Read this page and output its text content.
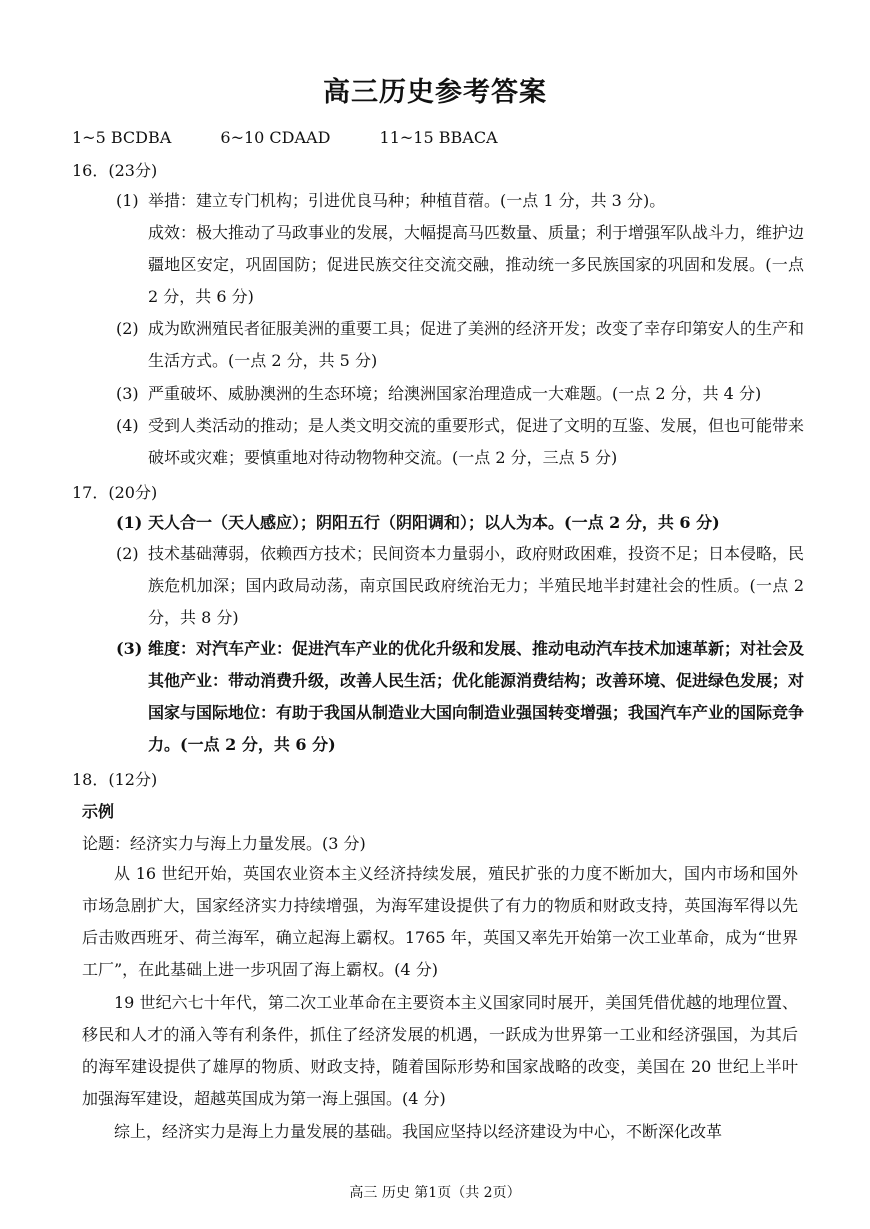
高三历史参考答案
1~5 BCDBA	6~10 CDAAD	11~15 BBACA
16．(23分)
(1) 举措：建立专门机构；引进优良马种；种植苜蓿。(一点 1 分，共 3 分)。
成效：极大推动了马政事业的发展，大幅提高马匹数量、质量；利于增强军队战斗力，维护边疆地区安定，巩固国防；促进民族交往交流交融，推动统一多民族国家的巩固和发展。(一点 2 分，共 6 分)
(2) 成为欧洲殖民者征服美洲的重要工具；促进了美洲的经济开发；改变了幸存印第安人的生产和生活方式。(一点 2 分，共 5 分)
(3) 严重破坏、威胁澳洲的生态环境；给澳洲国家治理造成一大难题。(一点 2 分，共 4 分)
(4) 受到人类活动的推动；是人类文明交流的重要形式，促进了文明的互鉴、发展，但也可能带来破坏或灾难；要慎重地对待动物物种交流。(一点 2 分，三点 5 分)
17．(20分)
(1) 天人合一（天人感应）；阴阳五行（阴阳调和）；以人为本。(一点 2 分，共 6 分)
(2) 技术基础薄弱，依赖西方技术；民间资本力量弱小，政府财政困难，投资不足；日本侵略，民族危机加深；国内政局动荡，南京国民政府统治无力；半殖民地半封建社会的性质。(一点 2 分，共 8 分)
(3) 维度：对汽车产业：促进汽车产业的优化升级和发展、推动电动汽车技术加速革新；对社会及其他产业：带动消费升级，改善人民生活；优化能源消费结构；改善环境、促进绿色发展；对国家与国际地位：有助于我国从制造业大国向制造业强国转变增强；我国汽车产业的国际竞争力。(一点 2 分，共 6 分)
18．(12分)
示例
论题：经济实力与海上力量发展。(3 分)
从 16 世纪开始，英国农业资本主义经济持续发展，殖民扩张的力度不断加大，国内市场和国外市场急剧扩大，国家经济实力持续增强，为海军建设提供了有力的物质和财政支持，英国海军得以先后击败西班牙、荷兰海军，确立起海上霸权。1765 年，英国又率先开始第一次工业革命，成为“世界工厂”，在此基础上进一步巩固了海上霸权。(4 分)
19 世纪六七十年代，第二次工业革命在主要资本主义国家同时展开，美国凭借优越的地理位置、移民和人才的涌入等有利条件，抓住了经济发展的机遇，一跃成为世界第一工业和经济强国，为其后的海军建设提供了雄厚的物质、财政支持，随着国际形势和国家战略的改变，美国在 20 世纪上半叶加强海军建设，超越英国成为第一海上强国。(4 分)
综上，经济实力是海上力量发展的基础。我国应坚持以经济建设为中心，不断深化改革
高三 历史 第1页（共 2页）
